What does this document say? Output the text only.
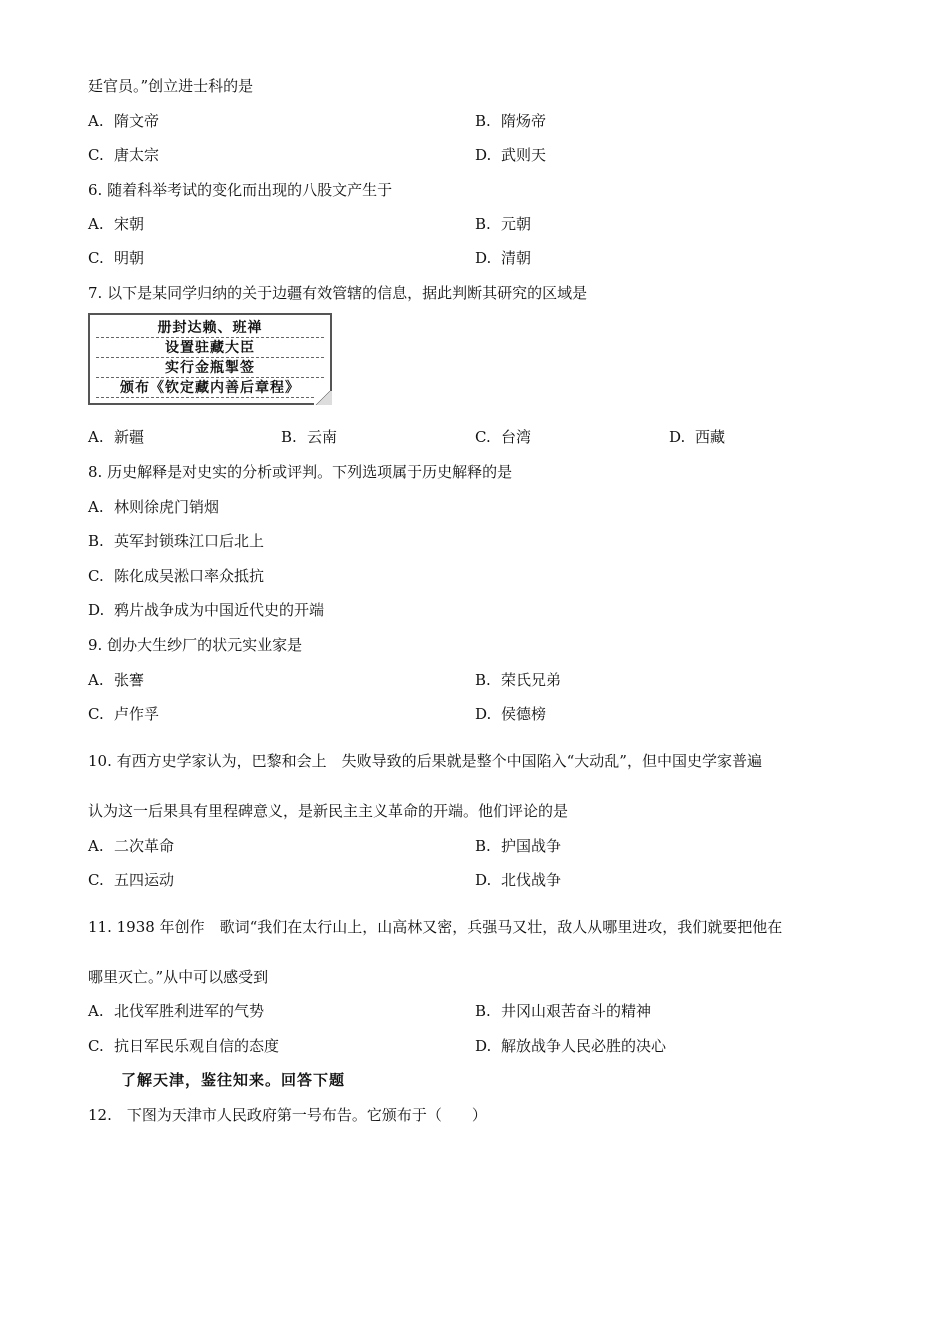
廷官员。”创立进士科的是
A. 隋文帝	B. 隋炀帝
C. 唐太宗	D. 武则天
6. 随着科举考试的变化而出现的八股文产生于
A. 宋朝	B. 元朝
C. 明朝	D. 清朝
7. 以下是某同学归纳的关于边疆有效管辖的信息，据此判断其研究的区域是
册封达赖、班禅
设置驻藏大臣
实行金瓶掣签
颁布《钦定藏内善后章程》
A. 新疆	B. 云南	C. 台湾	D. 西藏
8. 历史解释是对史实的分析或评判。下列选项属于历史解释的是
A. 林则徐虎门销烟
B. 英军封锁珠江口后北上
C. 陈化成吴淞口率众抵抗
D. 鸦片战争成为中国近代史的开端
9. 创办大生纱厂的状元实业家是
A. 张謇	B. 荣氏兄弟
C. 卢作孚	D. 侯德榜
10. 有西方史学家认为，巴黎和会上　失败导致的后果就是整个中国陷入“大动乱”，但中国史学家普遍
认为这一后果具有里程碑意义，是新民主主义革命的开端。他们评论的是
A. 二次革命	B. 护国战争
C. 五四运动	D. 北伐战争
11. 1938 年创作　歌词“我们在太行山上，山高林又密，兵强马又壮，敌人从哪里进攻，我们就要把他在
哪里灭亡。”从中可以感受到
A. 北伐军胜利进军的气势	B. 井冈山艰苦奋斗的精神
C. 抗日军民乐观自信的态度	D. 解放战争人民必胜的决心
了解天津，鉴往知来。回答下题
12.　下图为天津市人民政府第一号布告。它颁布于（　　）
